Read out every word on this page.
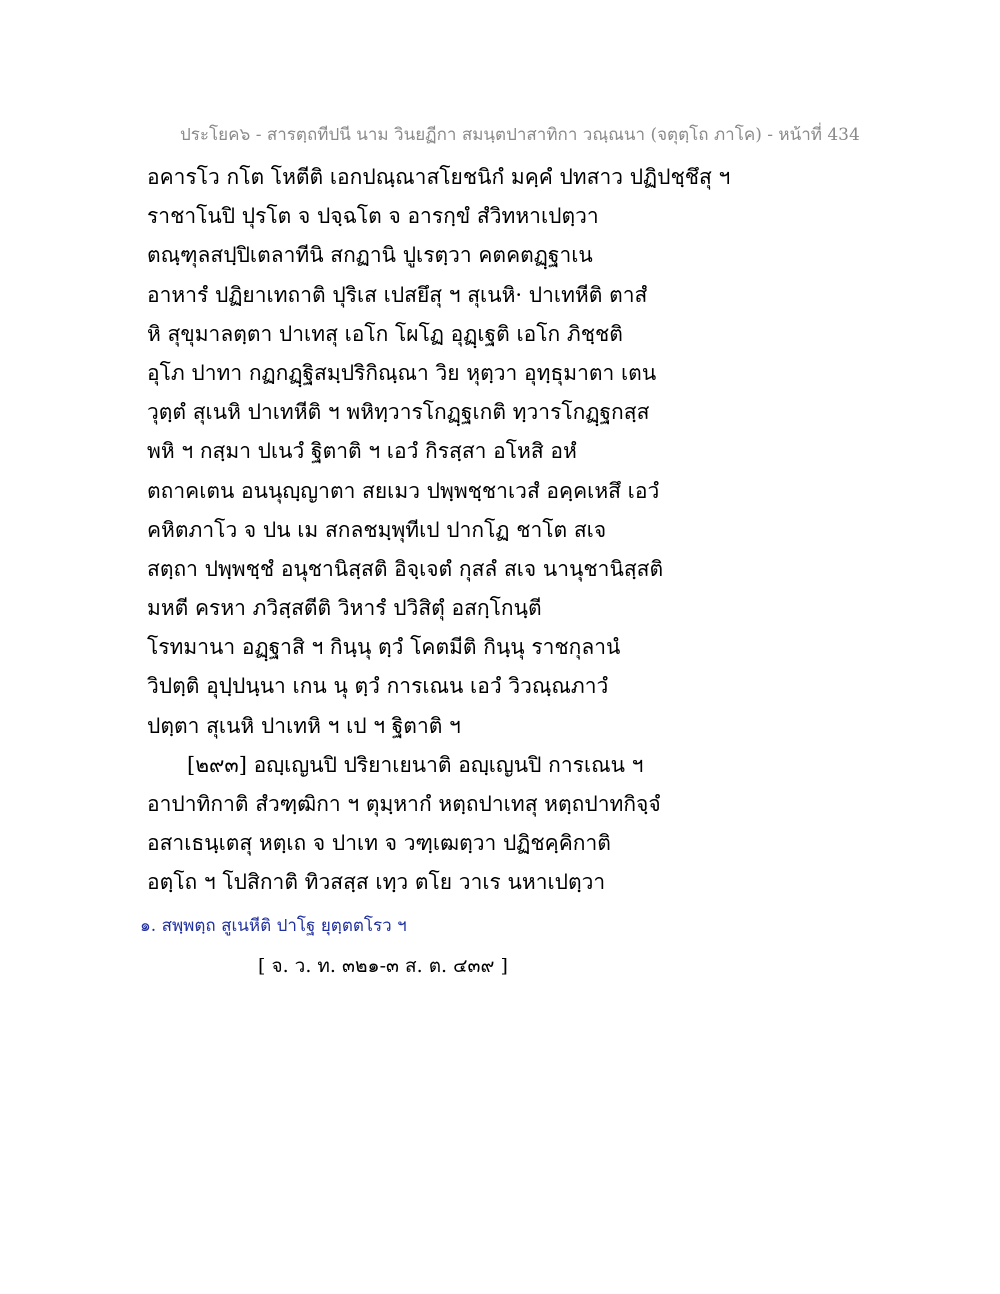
ประโยค๖ - สารตฺถทีปนี นาม วินยฏีกา สมนฺตปาสาทิกา วณฺณนา (จตุตฺโถ ภาโค) - หน้าที่ 434
อคารโว กโต โหตีติ เอกปณฺณาสโยชนิกํ มคฺคํ ปทสาว ปฏิปชฺชึสุ ฯ
ราชาโนปิ ปุรโต จ ปจฺฉโต จ อารกฺขํ สํวิทหาเปตฺวา
ตณฺฑุลสปฺปิเตลาทีนิ สกฏานิ ปูเรตฺวา คตคตฏฺฐาเน
อาหารํ ปฏิยาเทถาติ ปุริเส เปสยึสุ ฯ สุเนหิ· ปาเทหีติ ตาสํ
หิ สุขุมาลตฺตา ปาเทสุ เอโก โผโฏ อุฏฺเฐติ เอโก ภิชฺชติ
อุโภ ปาทา กฏกฏฺฐิสมฺปริกิณฺณา วิย หุตฺวา อุทฺธุมาตา เตน
วุตฺตํ สุเนหิ ปาเทหีติ ฯ พหิทฺวารโกฏฺฐเกติ ทฺวารโกฏฺฐกสฺส
พหิ ฯ กสฺมา ปเนวํ ฐิตาติ ฯ เอวํ กิรสฺสา อโหสิ อหํ
ตถาคเตน อนนุญฺญาตา สยเมว ปพฺพชฺชาเวสํ อคฺคเหสึ เอวํ
คหิตภาโว จ ปน เม สกลชมฺพุทีเป ปากโฏ ชาโต สเจ
สตฺถา ปพฺพชฺชํ อนุชานิสฺสติ อิจฺเจตํ กุสลํ สเจ นานุชานิสฺสติ
มหตี ครหา ภวิสฺสตีติ วิหารํ ปวิสิตุํ อสกฺโกนฺตี
โรทมานา อฏฺฐาสิ ฯ กินฺนุ ตฺวํ โคตมีติ กินฺนุ ราชกุลานํ
วิปตฺติ อุปฺปนฺนา เกน นุ ตฺวํ การเณน เอวํ วิวณฺณภาวํ
ปตฺตา สุเนหิ ปาเทหิ ฯ เป ฯ ฐิตาติ ฯ
[๒๙๓] อญฺเญนปิ ปริยาเยนาติ อญฺเญนปิ การเณน ฯ
อาปาทิกาติ สํวฑฺฒิกา ฯ ตุมฺหากํ หตฺถปาเทสุ หตฺถปาทกิจฺจํ
อสาเธนฺเตสุ หตฺเถ จ ปาเท จ วฑฺเฒตฺวา ปฏิชคฺคิกาติ
อตฺโถ ฯ โปสิกาติ ทิวสสฺส เทฺว ตโย วาเร นหาเปตฺวา
๑. สพฺพตฺถ สูเนหีติ ปาโฐ ยุตฺตตโรว ฯ
[ จ. ว. ท. ๓๒๑-๓ ส. ต. ๔๓๙ ]
